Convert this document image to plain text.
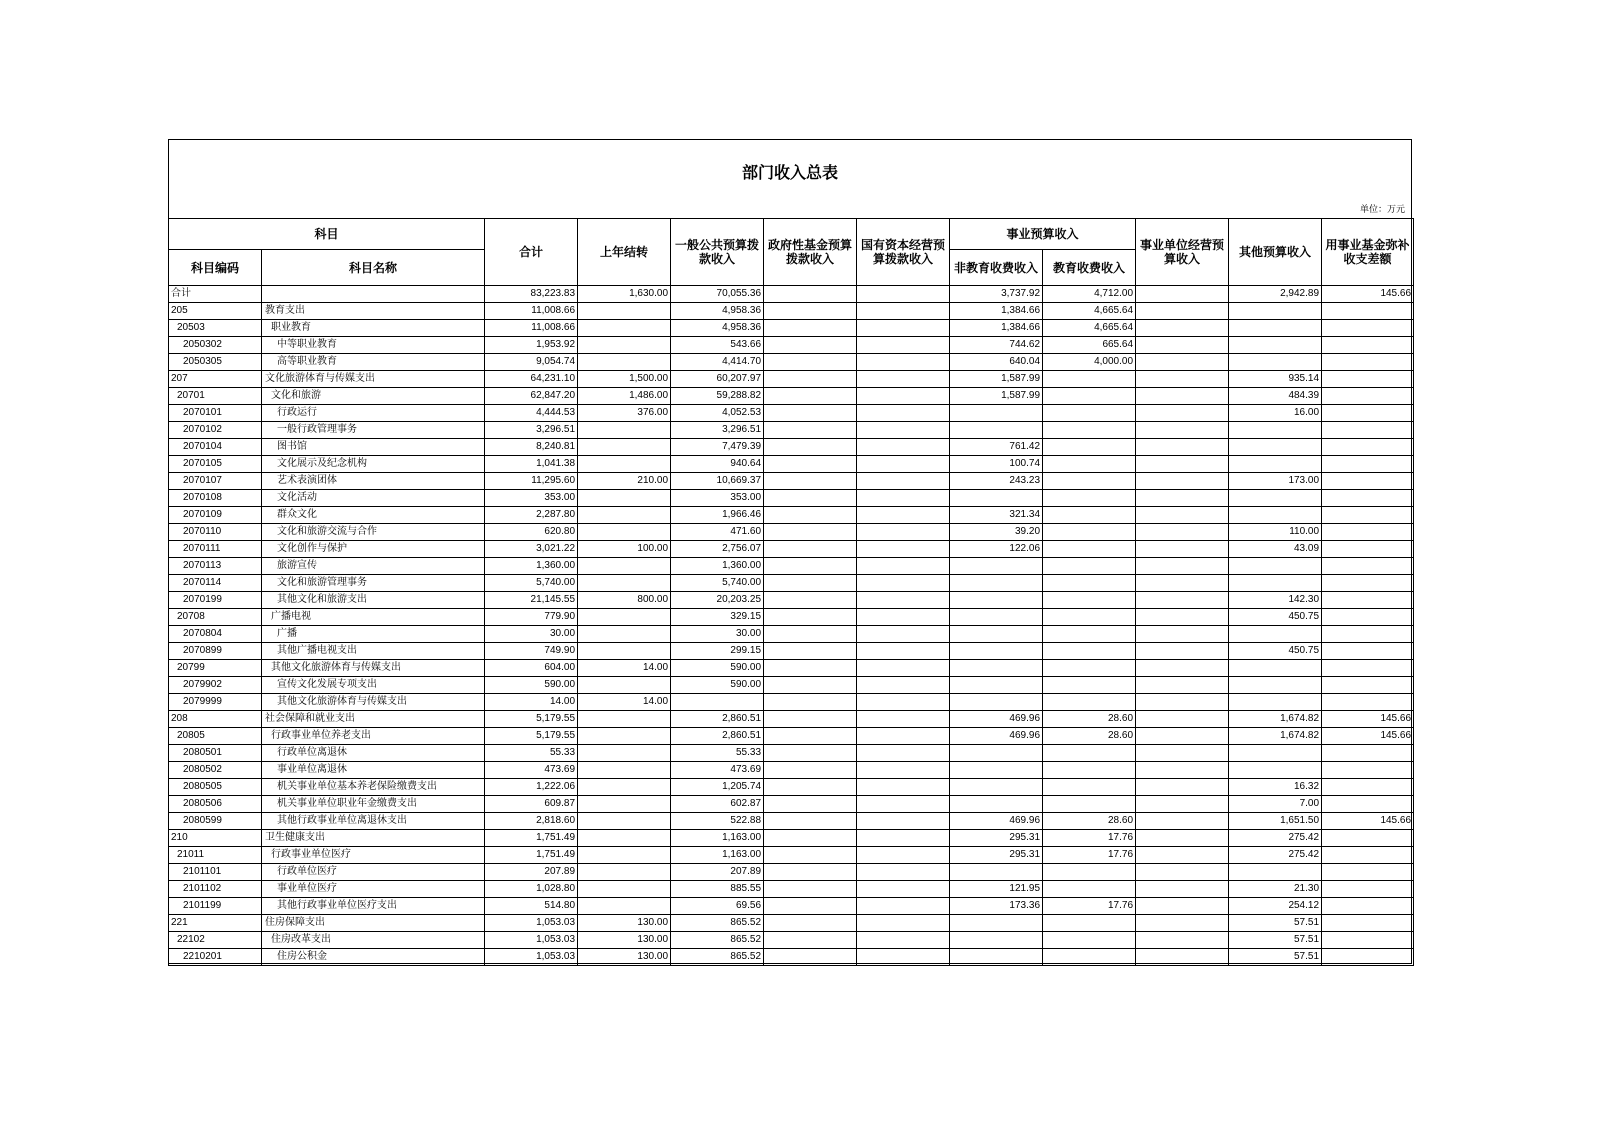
部门收入总表
单位：万元
科目		合计	上年结转	一般公共预算拨款收入	政府性基金预算拨款收入	国有资本经营预算拨款收入	事业预算收入		事业单位经营预算收入	其他预算收入	用事业基金弥补收支差额
科目编码	科目名称						非教育收费收入	教育收费收入			
合计		83,223.83	1,630.00	70,055.36			3,737.92	4,712.00		2,942.89	145.66
205	教育支出	11,008.66		4,958.36			1,384.66	4,665.64			
20503	职业教育	11,008.66		4,958.36			1,384.66	4,665.64			
2050302	中等职业教育	1,953.92		543.66			744.62	665.64			
2050305	高等职业教育	9,054.74		4,414.70			640.04	4,000.00			
207	文化旅游体育与传媒支出	64,231.10	1,500.00	60,207.97			1,587.99			935.14	
20701	文化和旅游	62,847.20	1,486.00	59,288.82			1,587.99			484.39	
2070101	行政运行	4,444.53	376.00	4,052.53						16.00	
2070102	一般行政管理事务	3,296.51		3,296.51							
2070104	图书馆	8,240.81		7,479.39			761.42				
2070105	文化展示及纪念机构	1,041.38		940.64			100.74				
2070107	艺术表演团体	11,295.60	210.00	10,669.37			243.23			173.00	
2070108	文化活动	353.00		353.00							
2070109	群众文化	2,287.80		1,966.46			321.34				
2070110	文化和旅游交流与合作	620.80		471.60			39.20			110.00	
2070111	文化创作与保护	3,021.22	100.00	2,756.07			122.06			43.09	
2070113	旅游宣传	1,360.00		1,360.00							
2070114	文化和旅游管理事务	5,740.00		5,740.00							
2070199	其他文化和旅游支出	21,145.55	800.00	20,203.25						142.30	
20708	广播电视	779.90		329.15						450.75	
2070804	广播	30.00		30.00							
2070899	其他广播电视支出	749.90		299.15						450.75	
20799	其他文化旅游体育与传媒支出	604.00	14.00	590.00							
2079902	宣传文化发展专项支出	590.00		590.00							
2079999	其他文化旅游体育与传媒支出	14.00	14.00								
208	社会保障和就业支出	5,179.55		2,860.51			469.96	28.60		1,674.82	145.66
20805	行政事业单位养老支出	5,179.55		2,860.51			469.96	28.60		1,674.82	145.66
2080501	行政单位离退休	55.33		55.33							
2080502	事业单位离退休	473.69		473.69							
2080505	机关事业单位基本养老保险缴费支出	1,222.06		1,205.74						16.32	
2080506	机关事业单位职业年金缴费支出	609.87		602.87						7.00	
2080599	其他行政事业单位离退休支出	2,818.60		522.88			469.96	28.60		1,651.50	145.66
210	卫生健康支出	1,751.49		1,163.00			295.31	17.76		275.42	
21011	行政事业单位医疗	1,751.49		1,163.00			295.31	17.76		275.42	
2101101	行政单位医疗	207.89		207.89							
2101102	事业单位医疗	1,028.80		885.55			121.95			21.30	
2101199	其他行政事业单位医疗支出	514.80		69.56			173.36	17.76		254.12	
221	住房保障支出	1,053.03	130.00	865.52						57.51	
22102	住房改革支出	1,053.03	130.00	865.52						57.51	
2210201	住房公积金	1,053.03	130.00	865.52						57.51	
